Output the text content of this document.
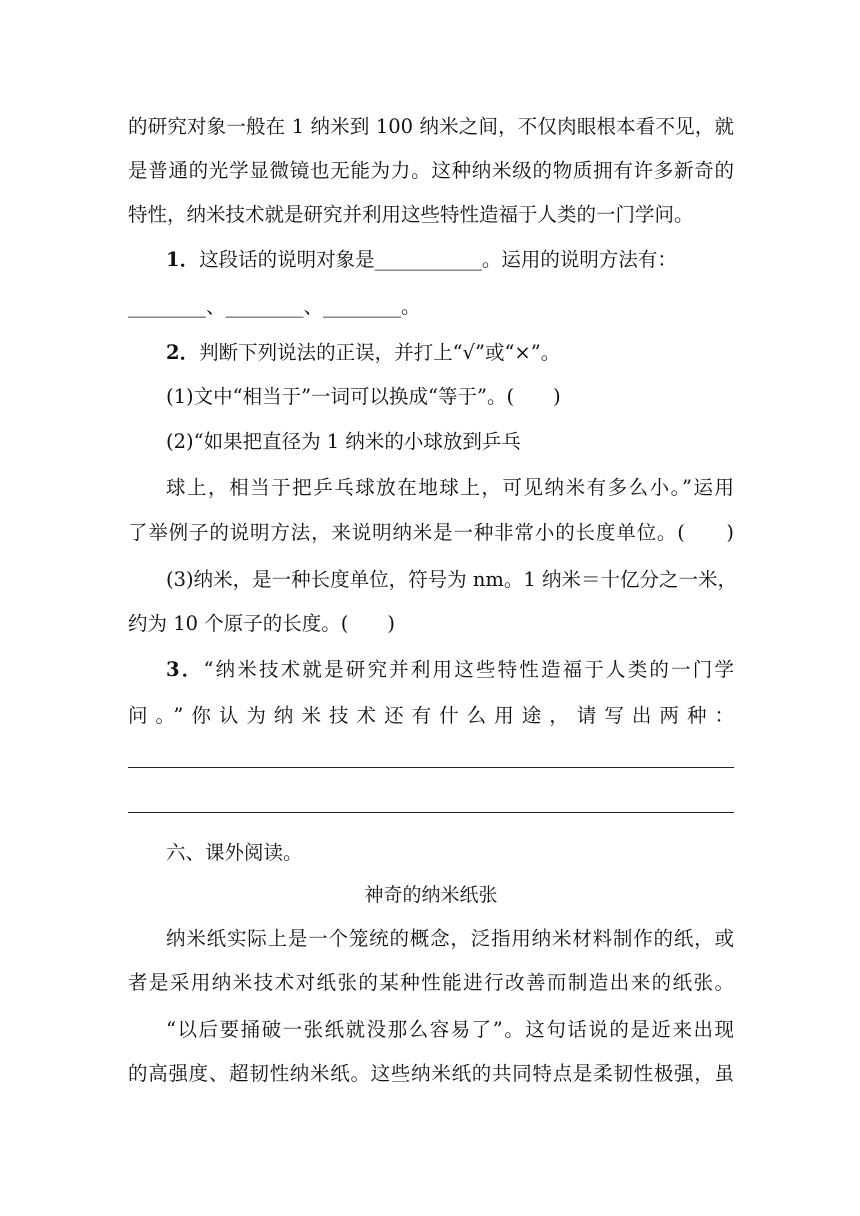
的研究对象一般在 1 纳米到 100 纳米之间，不仅肉眼根本看不见，就
是普通的光学显微镜也无能为力。这种纳米级的物质拥有许多新奇的
特性，纳米技术就是研究并利用这些特性造福于人类的一门学问。
1．这段话的说明对象是___________。运用的说明方法有：
________、________、________。
2．判断下列说法的正误，并打上“√”或“×”。
(1)文中“相当于”一词可以换成“等于”。(　　)
(2)“如果把直径为 1 纳米的小球放到乒乓
球上，相当于把乒乓球放在地球上，可见纳米有多么小。”运用
了举例子的说明方法，来说明纳米是一种非常小的长度单位。(　　)
(3)纳米，是一种长度单位，符号为 nm。1 纳米＝十亿分之一米，
约为 10 个原子的长度。(　　)
3．“纳米技术就是研究并利用这些特性造福于人类的一门学
问。”你认为纳米技术还有什么用途，请写出两种：
六、课外阅读。
神奇的纳米纸张
纳米纸实际上是一个笼统的概念，泛指用纳米材料制作的纸，或
者是采用纳米技术对纸张的某种性能进行改善而制造出来的纸张。
“以后要捅破一张纸就没那么容易了”。这句话说的是近来出现
的高强度、超韧性纳米纸。这些纳米纸的共同特点是柔韧性极强，虽
